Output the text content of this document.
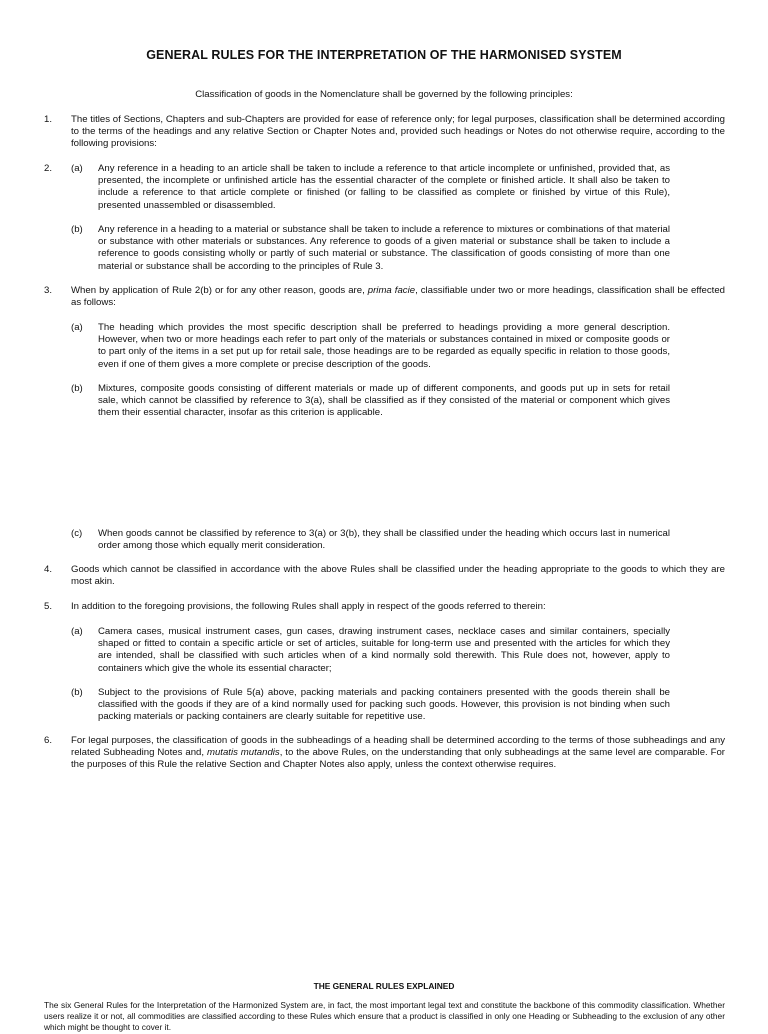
GENERAL RULES FOR THE INTERPRETATION OF THE HARMONISED SYSTEM
Classification of goods in the Nomenclature shall be governed by the following principles:
1. The titles of Sections, Chapters and sub-Chapters are provided for ease of reference only; for legal purposes, classification shall be determined according to the terms of the headings and any relative Section or Chapter Notes and, provided such headings or Notes do not otherwise require, according to the following provisions:
2. (a) Any reference in a heading to an article shall be taken to include a reference to that article incomplete or unfinished, provided that, as presented, the incomplete or unfinished article has the essential character of the complete or finished article. It shall also be taken to include a reference to that article complete or finished (or falling to be classified as complete or finished by virtue of this Rule), presented unassembled or disassembled.
(b) Any reference in a heading to a material or substance shall be taken to include a reference to mixtures or combinations of that material or substance with other materials or substances. Any reference to goods of a given material or substance shall be taken to include a reference to goods consisting wholly or partly of such material or substance. The classification of goods consisting of more than one material or substance shall be according to the principles of Rule 3.
3. When by application of Rule 2(b) or for any other reason, goods are, prima facie, classifiable under two or more headings, classification shall be effected as follows:
(a) The heading which provides the most specific description shall be preferred to headings providing a more general description. However, when two or more headings each refer to part only of the materials or substances contained in mixed or composite goods or to part only of the items in a set put up for retail sale, those headings are to be regarded as equally specific in relation to those goods, even if one of them gives a more complete or precise description of the goods.
(b) Mixtures, composite goods consisting of different materials or made up of different components, and goods put up in sets for retail sale, which cannot be classified by reference to 3(a), shall be classified as if they consisted of the material or component which gives them their essential character, insofar as this criterion is applicable.
(c) When goods cannot be classified by reference to 3(a) or 3(b), they shall be classified under the heading which occurs last in numerical order among those which equally merit consideration.
4. Goods which cannot be classified in accordance with the above Rules shall be classified under the heading appropriate to the goods to which they are most akin.
5. In addition to the foregoing provisions, the following Rules shall apply in respect of the goods referred to therein:
(a) Camera cases, musical instrument cases, gun cases, drawing instrument cases, necklace cases and similar containers, specially shaped or fitted to contain a specific article or set of articles, suitable for long-term use and presented with the articles for which they are intended, shall be classified with such articles when of a kind normally sold therewith. This Rule does not, however, apply to containers which give the whole its essential character;
(b) Subject to the provisions of Rule 5(a) above, packing materials and packing containers presented with the goods therein shall be classified with the goods if they are of a kind normally used for packing such goods. However, this provision is not binding when such packing materials or packing containers are clearly suitable for repetitive use.
6. For legal purposes, the classification of goods in the subheadings of a heading shall be determined according to the terms of those subheadings and any related Subheading Notes and, mutatis mutandis, to the above Rules, on the understanding that only subheadings at the same level are comparable. For the purposes of this Rule the relative Section and Chapter Notes also apply, unless the context otherwise requires.
THE GENERAL RULES EXPLAINED
The six General Rules for the Interpretation of the Harmonized System are, in fact, the most important legal text and constitute the backbone of this commodity classification. Whether users realize it or not, all commodities are classified according to these Rules which ensure that a product is classified in only one Heading or Subheading to the exclusion of any other which might be thought to cover it.
